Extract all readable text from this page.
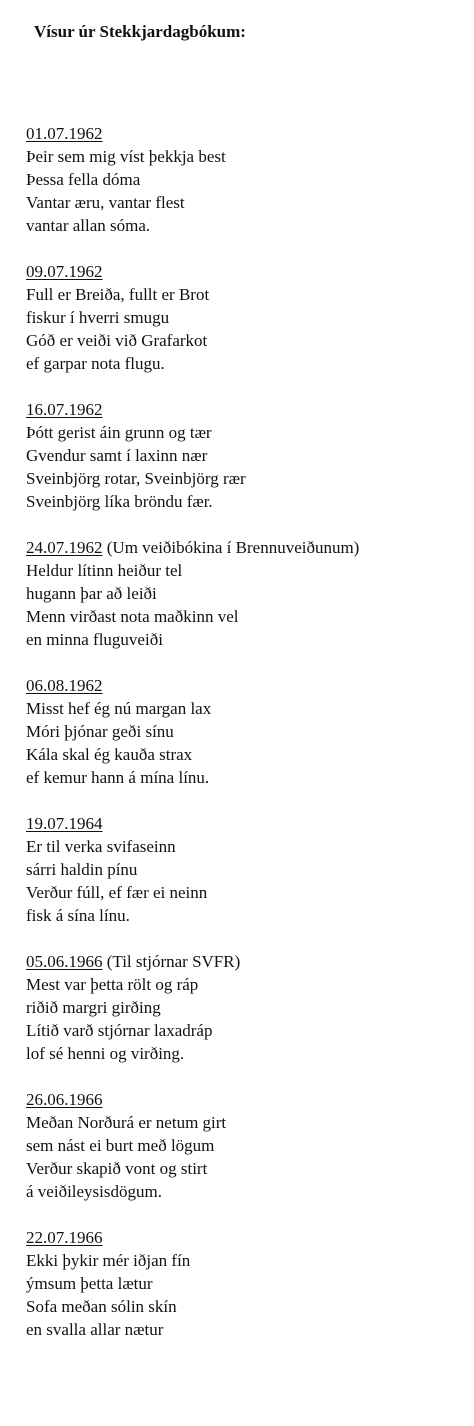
Vísur úr Stekkjardagbókum:
01.07.1962
Þeir sem mig víst þekkja best
Þessa fella dóma
Vantar æru, vantar flest
vantar allan sóma.
09.07.1962
Full er Breiða, fullt er Brot
fiskur í hverri smugu
Góð er veiði við Grafarkot
ef garpar nota flugu.
16.07.1962
Þótt gerist áin grunn og tær
Gvendur samt í laxinn nær
Sveinbjörg rotar, Sveinbjörg rær
Sveinbjörg líka bröndu fær.
24.07.1962 (Um veiðibókina í Brennuveiðunum)
Heldur lítinn heiður tel
hugann þar að leiði
Menn virðast nota maðkinn vel
en minna fluguveiði
06.08.1962
Misst hef ég nú margan lax
Móri þjónar geði sínu
Kála skal ég kauða strax
ef kemur hann á mína línu.
19.07.1964
Er til verka svifaseinn
sárri haldin pínu
Verður fúll, ef fær ei neinn
fisk á sína línu.
05.06.1966 (Til stjórnar SVFR)
Mest var þetta rölt og ráp
riðið margri girðing
Lítið varð stjórnar laxadráp
lof sé henni og virðing.
26.06.1966
Meðan Norðurá er netum girt
sem nást ei burt með lögum
Verður skapið vont og stirt
á veiðileysisdögum.
22.07.1966
Ekki þykir mér iðjan fín
ýmsum þetta lætur
Sofa meðan sólin skín
en svalla allar nætur
